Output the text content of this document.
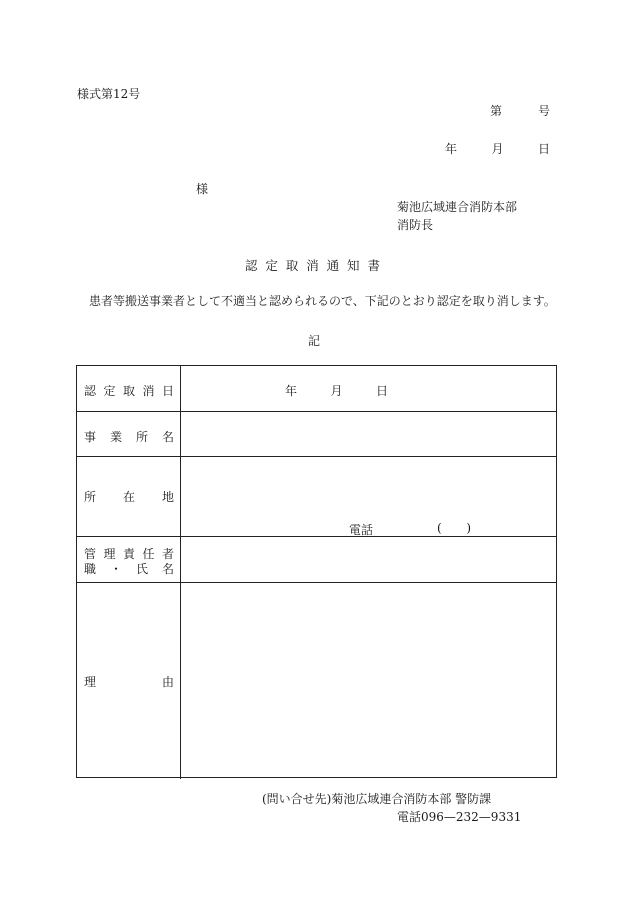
様式第12号
第	号
年	月	日
様
菊池広域連合消防本部
消防長
認 定 取 消 通 知 書
患者等搬送事業者として不適当と認められるので、下記のとおり認定を取り消します。
記
認 定 取 消 日	年	月	日
事 業 所 名
所 在 地
電話	( )
管 理 責 任 者
職 ・ 氏 名
理	由
(問い合せ先)菊池広域連合消防本部 警防課
電話096—232—9331
